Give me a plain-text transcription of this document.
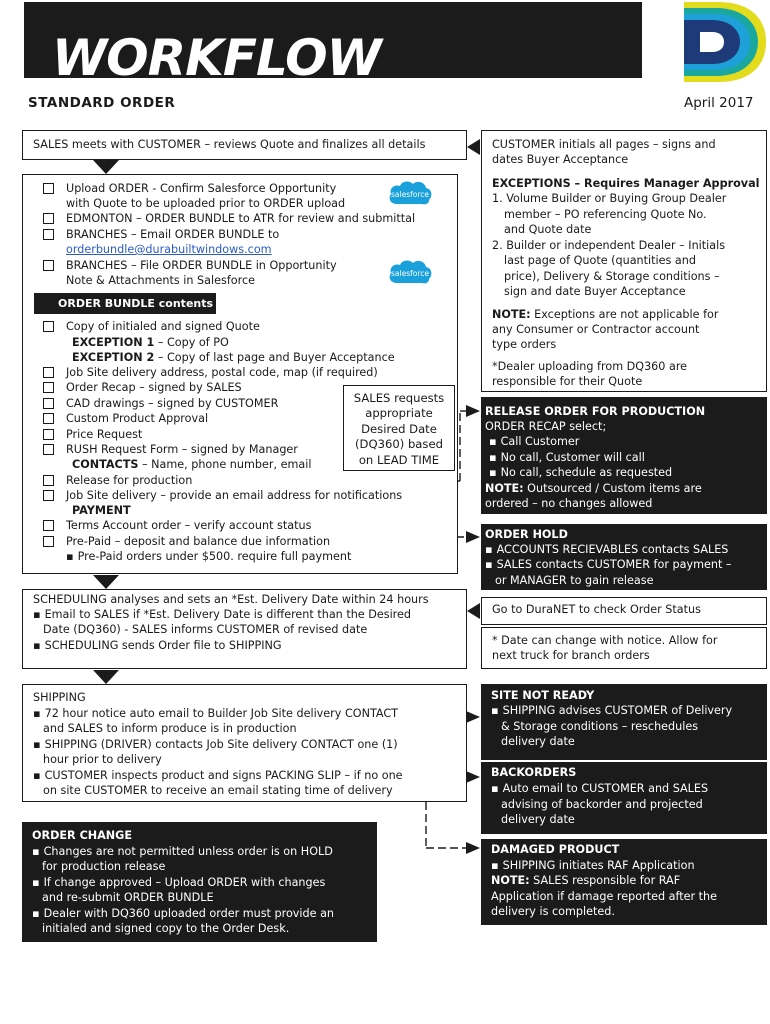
WORKFLOW
STANDARD ORDER	April 2017
SALES meets with CUSTOMER – reviews Quote and finalizes all details
Upload ORDER - Confirm Salesforce Opportunity
with Quote to be uploaded prior to ORDER upload
EDMONTON – ORDER BUNDLE to ATR for review and submittal
BRANCHES – Email ORDER BUNDLE to
orderbundle@durabuiltwindows.com
BRANCHES – File ORDER BUNDLE in Opportunity
Note & Attachments in Salesforce
salesforce
salesforce
ORDER BUNDLE contents
Copy of initialed and signed Quote
EXCEPTION 1 – Copy of PO
EXCEPTION 2 – Copy of last page and Buyer Acceptance
Job Site delivery address, postal code, map (if required)
Order Recap – signed by SALES
CAD drawings – signed by CUSTOMER
Custom Product Approval
Price Request
RUSH Request Form – signed by Manager
CONTACTS – Name, phone number, email
Release for production
Job Site delivery – provide an email address for notifications
PAYMENT
Terms Account order – verify account status
Pre-Paid – deposit and balance due information
▪ Pre-Paid orders under $500. require full payment
SALES requests
appropriate
Desired Date
(DQ360) based
on LEAD TIME
SCHEDULING analyses and sets an *Est. Delivery Date within 24 hours
▪ Email to SALES if *Est. Delivery Date is different than the Desired
Date (DQ360) - SALES informs CUSTOMER of revised date
▪ SCHEDULING sends Order file to SHIPPING
SHIPPING
▪ 72 hour notice auto email to Builder Job Site delivery CONTACT
and SALES to inform produce is in production
▪ SHIPPING (DRIVER) contacts Job Site delivery CONTACT one (1)
hour prior to delivery
▪ CUSTOMER inspects product and signs PACKING SLIP – if no one
on site CUSTOMER to receive an email stating time of delivery
ORDER CHANGE
▪ Changes are not permitted unless order is on HOLD
for production release
▪ If change approved – Upload ORDER with changes
and re-submit ORDER BUNDLE
▪ Dealer with DQ360 uploaded order must provide an
initialed and signed copy to the Order Desk.
CUSTOMER initials all pages – signs and
dates Buyer Acceptance
EXCEPTIONS – Requires Manager Approval
1. Volume Builder or Buying Group Dealer
member – PO referencing Quote No.
and Quote date
2. Builder or independent Dealer – Initials
last page of Quote (quantities and
price), Delivery & Storage conditions –
sign and date Buyer Acceptance
NOTE: Exceptions are not applicable for
any Consumer or Contractor account
type orders
*Dealer uploading from DQ360 are
responsible for their Quote
RELEASE ORDER FOR PRODUCTION
ORDER RECAP select;
▪ Call Customer
▪ No call, Customer will call
▪ No call, schedule as requested
NOTE: Outsourced / Custom items are
ordered – no changes allowed
ORDER HOLD
▪ ACCOUNTS RECIEVABLES contacts SALES
▪ SALES contacts CUSTOMER for payment –
or MANAGER to gain release
Go to DuraNET to check Order Status
* Date can change with notice. Allow for
next truck for branch orders
SITE NOT READY
▪ SHIPPING advises CUSTOMER of Delivery
& Storage conditions – reschedules
delivery date
BACKORDERS
▪ Auto email to CUSTOMER and SALES
advising of backorder and projected
delivery date
DAMAGED PRODUCT
▪ SHIPPING initiates RAF Application
NOTE: SALES responsible for RAF
Application if damage reported after the
delivery is completed.
